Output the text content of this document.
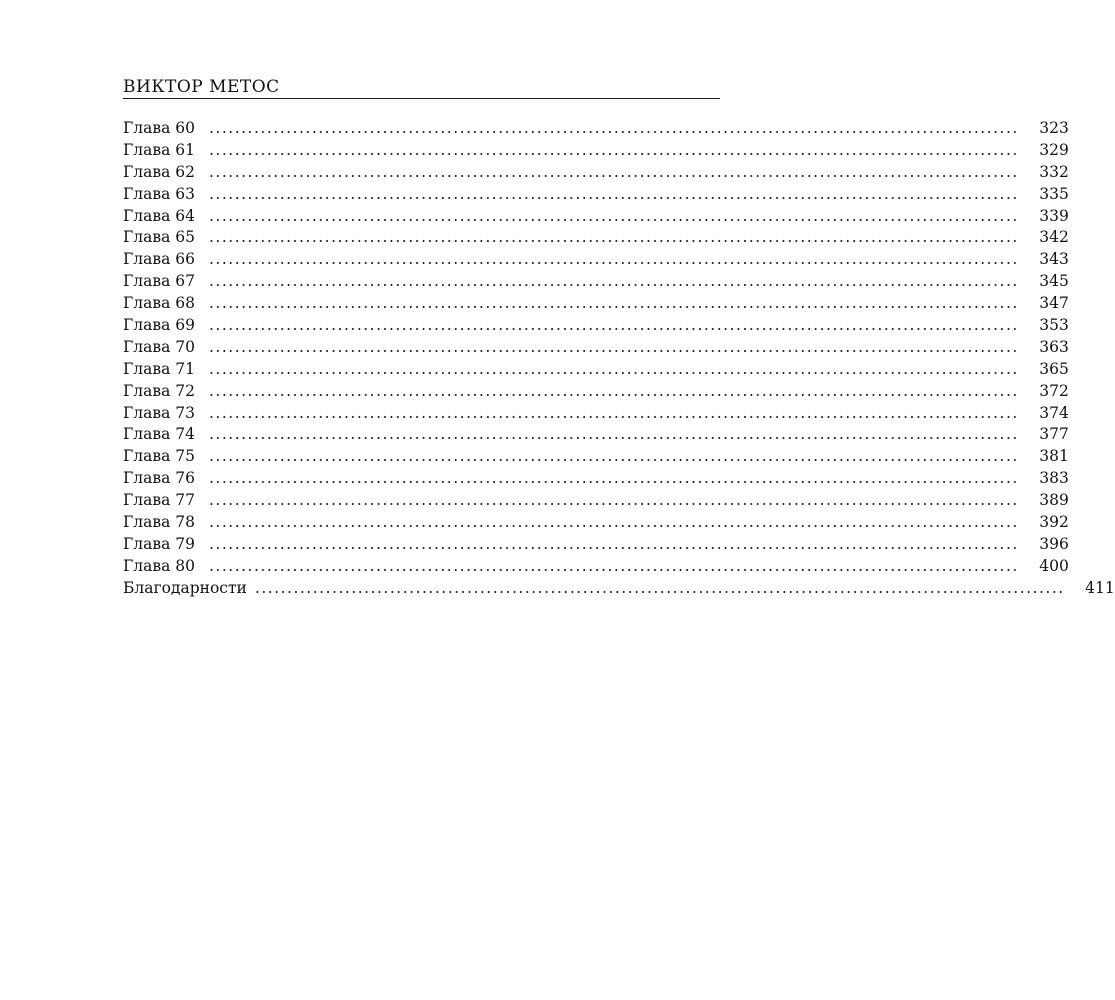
ВИКТОР МЕТОС
Глава 60 ..............................................................................................................................	323
Глава 61 ..............................................................................................................................	329
Глава 62 ..............................................................................................................................	332
Глава 63 ..............................................................................................................................	335
Глава 64 ..............................................................................................................................	339
Глава 65 ..............................................................................................................................	342
Глава 66 ..............................................................................................................................	343
Глава 67 ..............................................................................................................................	345
Глава 68 ..............................................................................................................................	347
Глава 69 ..............................................................................................................................	353
Глава 70 ..............................................................................................................................	363
Глава 71 ..............................................................................................................................	365
Глава 72 ..............................................................................................................................	372
Глава 73 ..............................................................................................................................	374
Глава 74 ..............................................................................................................................	377
Глава 75 ..............................................................................................................................	381
Глава 76 ..............................................................................................................................	383
Глава 77 ..............................................................................................................................	389
Глава 78 ..............................................................................................................................	392
Глава 79 ..............................................................................................................................	396
Глава 80 ..............................................................................................................................	400
Благодарности ..............................................................................................................................	411
